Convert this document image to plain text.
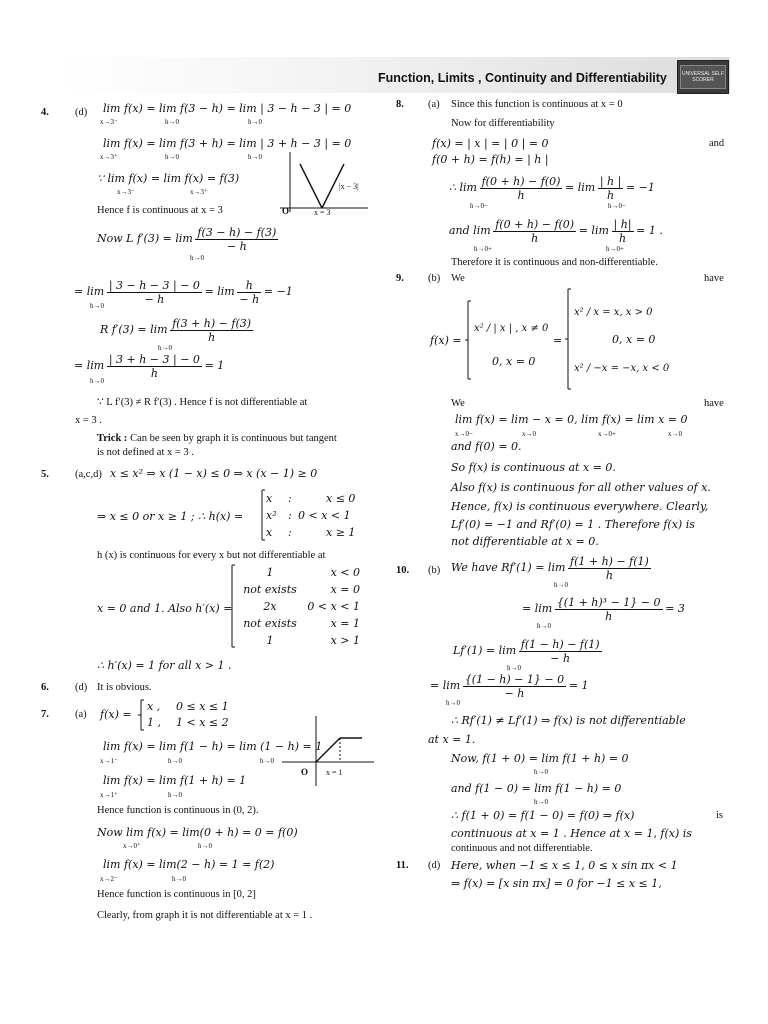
Function, Limits , Continuity and Differentiability	UNIVERSAL SELF SCORER
4. (d) lim f(x) = lim f(3 − h) = lim | 3 − h − 3 | = 0
x→3⁻	h→0	h→0
lim f(x) = lim f(3 + h) = lim | 3 + h − 3 | = 0
x→3⁺	h→0	h→0
∵ lim f(x) = lim f(x) = f(3)
x→3⁻	x→3⁺
|x − 3|
O	x = 3
Hence f is continuous at x = 3
Now L $f'(3) = \lim \frac{f(3 - h) - f(3)}{- h}$
h→0
= $\lim \frac{| 3 - h - 3 | - 0}{- h} = \lim \frac{h}{- h} = -1$
h→0
R $f'(3) = \lim \frac{f(3 + h) - f(3)}{h}$
h→0
= $\lim \frac{| 3 + h - 3 | - 0}{h} = 1$
h→0
∵ L f′(3) ≠ R f′(3) . Hence f is not differentiable at
x = 3 .
Trick : Can be seen by graph it is continuous but tangent
is not defined at x = 3 .
5. (a,c,d) x ≤ x² ⇒ x (1 − x) ≤ 0 ⇒ x (x − 1) ≥ 0
⇒ x ≤ 0 or x ≥ 1 ; ∴ h(x) =
x :	x ≤ 0
x² : 0 < x < 1
x :	x ≥ 1
h (x) is continuous for every x but not differentiable at
x = 0 and 1. Also h′(x) =
1	x < 0
not exists	x = 0
2x	0 < x < 1
not exists	x = 1
1	x > 1
∴ h′(x) = 1 for all x > 1 .
6. (d) It is obvious.
7. (a) f(x) =
x , 0 ≤ x ≤ 1
1 , 1 < x ≤ 2
lim f(x) = lim f(1 − h) = lim (1 − h) = 1
x→1⁻	h→0	h→0
lim f(x) = lim f(1 + h) = 1
x→1⁺	h→0
O x = 1
Hence function is continuous in (0, 2).
Now lim f(x) = lim(0 + h) = 0 = f(0)
x→0⁺	h→0
lim f(x) = lim(2 − h) = 1 = f(2)
x→2⁻	h→0
Hence function is continuous in [0, 2]
Clearly, from graph it is not differentiable at x = 1 .
8. (a) Since this function is continuous at x = 0
Now for differentiability
f(x) = | x | = | 0 | = 0	and
f(0 + h) = f(h) = | h |
∴ $\lim \frac{f(0 + h) - f(0)}{h} = \lim \frac{| h |}{h} = -1$
h→0−	h→0−
and $\lim \frac{f(0 + h) - f(0)}{h} = \lim \frac{| h|}{h} = 1$ .
h→0+	h→0+
Therefore it is continuous and non-differentiable.
9. (b) We	have
f(x) =
x² / | x | , x ≠ 0
0, x = 0
=
x² / x = x, x > 0
0, x = 0
x² / −x = −x, x < 0
We	have
lim f(x) = lim − x = 0, lim f(x) = lim x = 0
x→0−	x→0	x→0+	x→0
and f(0) = 0.
So f(x) is continuous at x = 0.
Also f(x) is continuous for all other values of x.
Hence, f(x) is continuous everywhere. Clearly,
Lf′(0) = −1 and Rf′(0) = 1 . Therefore f(x) is
not differentiable at x = 0.
10. (b) We have $Rf'(1) = \lim \frac{f(1 + h) - f(1)}{h}$
h→0
= $\lim \frac{\text{\{(1 + h)³ − 1\} − 0}}{h} = 3$
h→0
$Lf'(1) = \lim \frac{f(1 - h) - f(1)}{- h}$
h→0
= $\lim \frac{\{(1 - h) - 1\} - 0}{- h} = 1$
h→0
∴ Rf′(1) ≠ Lf′(1) ⇒ f(x) is not differentiable
at x = 1.
Now, f(1 + 0) = lim f(1 + h) = 0
h→0
and f(1 − 0) = lim f(1 − h) = 0
h→0
∴ f(1 + 0) = f(1 − 0) = f(0) ⇒ f(x)	is
continuous at x = 1 . Hence at x = 1, f(x) is
continuous and not differentiable.
11. (d) Here, when −1 ≤ x ≤ 1, 0 ≤ x sin πx < 1
⇒ f(x) = [x sin πx] = 0 for −1 ≤ x ≤ 1,
